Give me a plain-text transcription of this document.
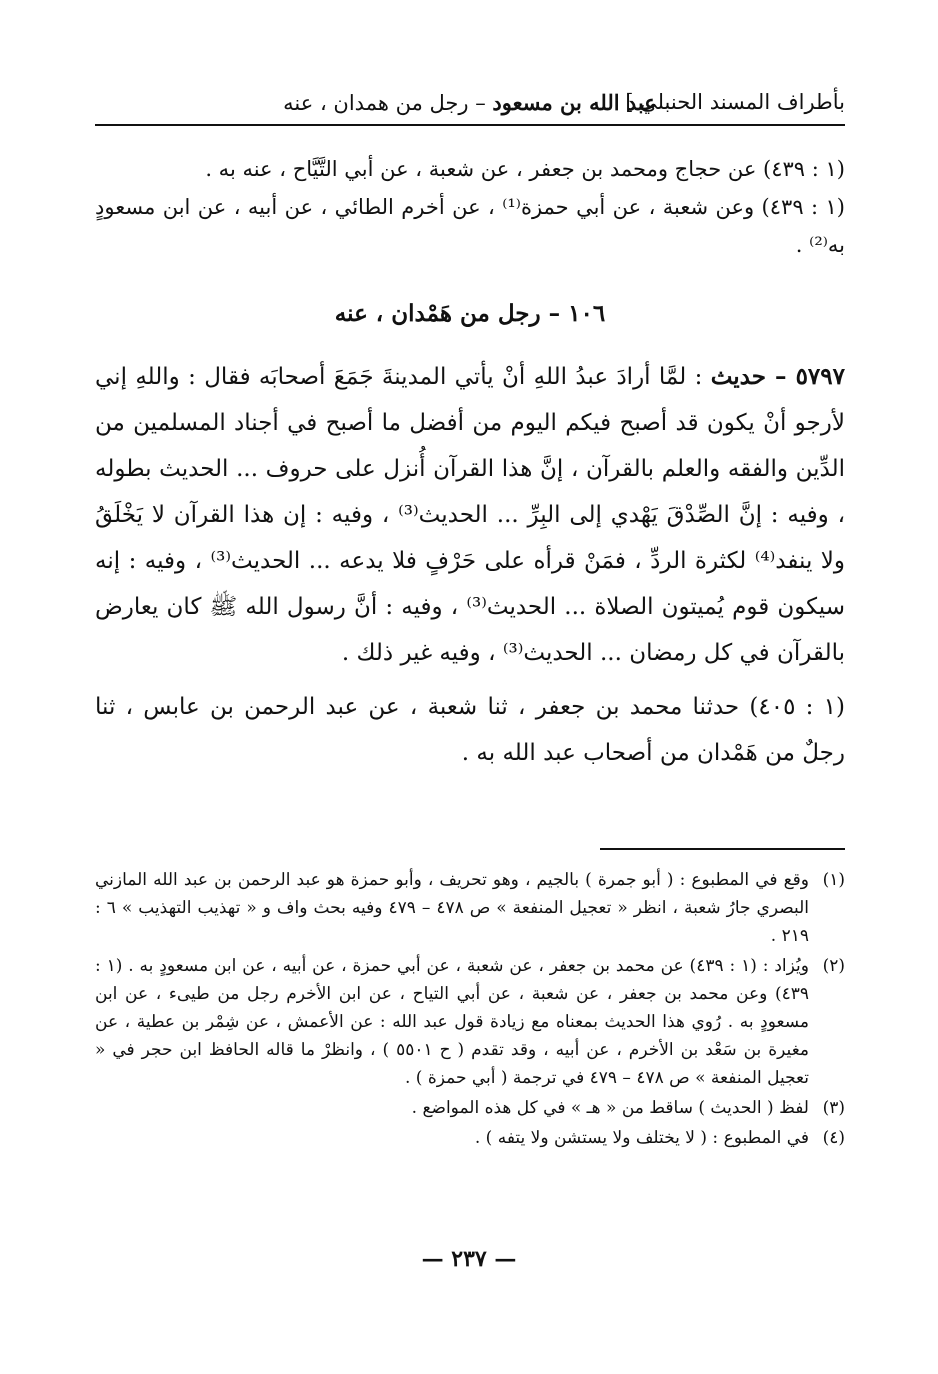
بأطراف المسند الحنبلي ]
عبد الله بن مسعود – رجل من همدان ، عنه

(١ : ٤٣٩) عن حجاج ومحمد بن جعفر ، عن شعبة ، عن أبي التَّيَّاح ، عنه به .

(١ : ٤٣٩) وعن شعبة ، عن أبي حمزة⁽¹⁾ ، عن أخرم الطائي ، عن أبيه ، عن ابن مسعودٍ به⁽²⁾ .

١٠٦ – رجل من هَمْدان ، عنه

٥٧٩٧ – حديث : لمَّا أرادَ عبدُ اللهِ أنْ يأتي المدينةَ جَمَعَ أصحابَه فقال : واللهِ إني لأرجو أنْ يكون قد أصبح فيكم اليوم من أفضل ما أصبح في أجناد المسلمين من الدِّين والفقه والعلم بالقرآن ، إنَّ هذا القرآن أُنزل على حروف ... الحديث بطوله ، وفيه : إنَّ الصِّدْقَ يَهْدي إلى البِرِّ ... الحديث⁽³⁾ ، وفيه : إن هذا القرآن لا يَخْلَقُ ولا ينفد⁽⁴⁾ لكثرة الردِّ ، فمَنْ قرأه على حَرْفٍ فلا يدعه ... الحديث⁽³⁾ ، وفيه : إنه سيكون قوم يُميتون الصلاة ... الحديث⁽³⁾ ، وفيه : أنَّ رسول الله ﷺ كان يعارض بالقرآن في كل رمضان ... الحديث⁽³⁾ ، وفيه غير ذلك .

(١ : ٤٠٥) حدثنا محمد بن جعفر ، ثنا شعبة ، عن عبد الرحمن بن عابس ، ثنا رجلٌ من هَمْدان من أصحاب عبد الله به .

(١)
وقع في المطبوع : ( أبو جمرة ) بالجيم ، وهو تحريف ، وأبو حمزة هو عبد الرحمن بن عبد الله المازني البصري جارُ شعبة ، انظر « تعجيل المنفعة » ص ٤٧٨ – ٤٧٩ وفيه بحث واف و « تهذيب التهذيب » ٦ : ٢١٩ .
(٢)
ويُزاد : (١ : ٤٣٩) عن محمد بن جعفر ، عن شعبة ، عن أبي حمزة ، عن أبيه ، عن ابن مسعودٍ به . (١ : ٤٣٩) وعن محمد بن جعفر ، عن شعبة ، عن أبي التياح ، عن ابن الأخرم رجل من طيىء ، عن ابن مسعودٍ به . رُوي هذا الحديث بمعناه مع زيادة قول عبد الله : عن الأعمش ، عن شِمْر بن عطية ، عن مغيرة بن سَعْد بن الأخرم ، عن أبيه ، وقد تقدم ( ح ٥٥٠١ ) ، وانظرْ ما قاله الحافظ ابن حجر في « تعجيل المنفعة » ص ٤٧٨ – ٤٧٩ في ترجمة ( أبي حمزة ) .
(٣)
لفظ ( الحديث ) ساقط من « هـ » في كل هذه المواضع .
(٤)
في المطبوع : ( لا يختلف ولا يستشن ولا يتفه ) .
— ٢٣٧ —
